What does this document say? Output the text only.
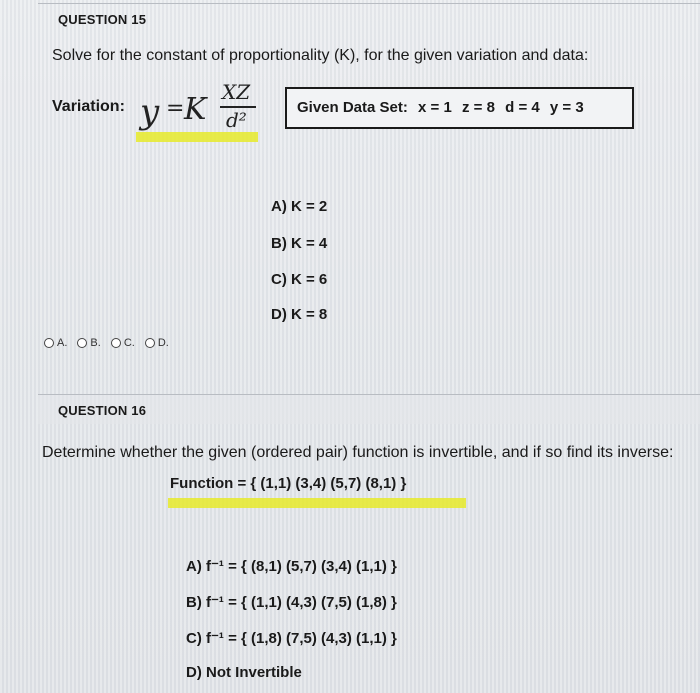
QUESTION 15
Solve for the constant of proportionality (K), for the given variation and data:
Variation: y = K XZ
d²
Given Data Set: x = 1 z = 8 d = 4 y = 3
A) K = 2
B) K = 4
C) K = 6
D) K = 8
A. B. C. D.
QUESTION 16
Determine whether the given (ordered pair) function is invertible, and if so find its inverse:
Function = { (1,1) (3,4) (5,7) (8,1) }
A) f⁻¹ = { (8,1) (5,7) (3,4) (1,1) }
B) f⁻¹ = { (1,1) (4,3) (7,5) (1,8) }
C) f⁻¹ = { (1,8) (7,5) (4,3) (1,1) }
D) Not Invertible
